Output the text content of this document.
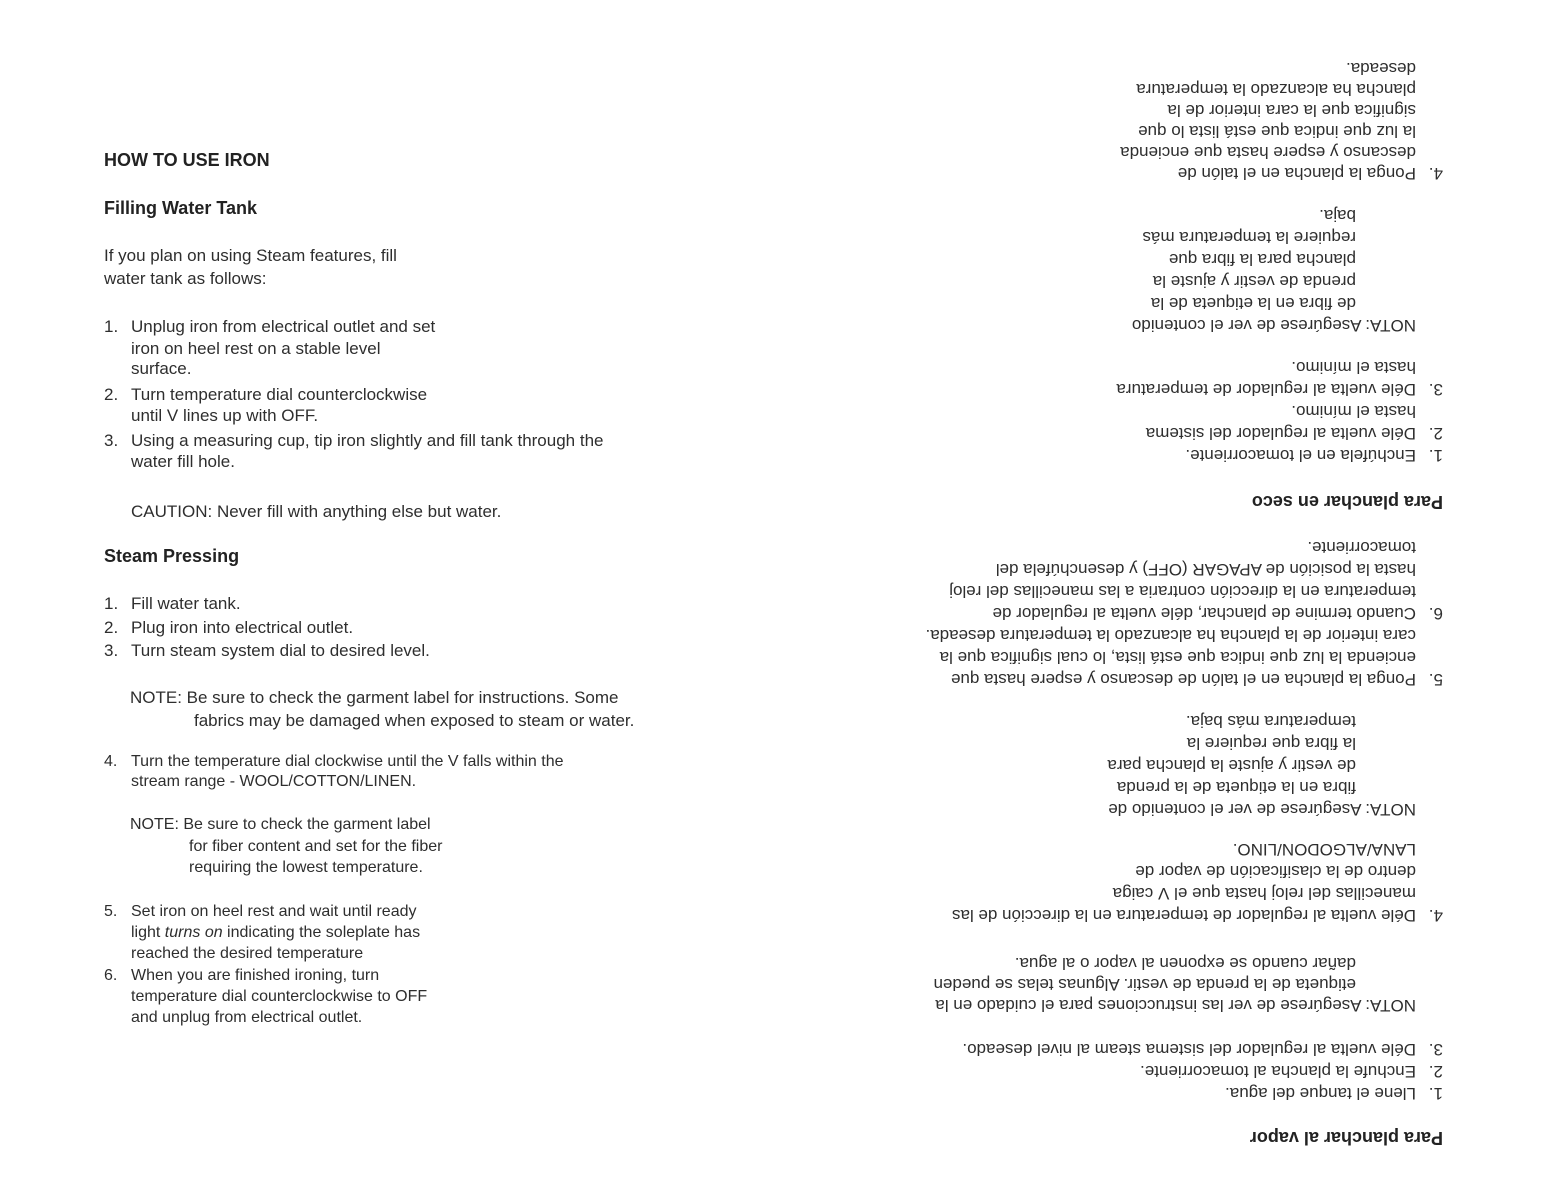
HOW TO USE IRON
Filling Water Tank
If you plan on using Steam features, fill
water tank as follows:
1. Unplug iron from electrical outlet and set
iron on heel rest on a stable level
surface.
2. Turn temperature dial counterclockwise
until V lines up with OFF.
3. Using a measuring cup, tip iron slightly and fill tank through the
water fill hole.
CAUTION: Never fill with anything else but water.
Steam Pressing
1. Fill water tank.
2. Plug iron into electrical outlet.
3. Turn steam system dial to desired level.
NOTE: Be sure to check the garment label for instructions. Some
fabrics may be damaged when exposed to steam or water.
4. Turn the temperature dial clockwise until the V falls within the
stream range - WOOL/COTTON/LINEN.
NOTE: Be sure to check the garment label
for fiber content and set for the fiber
requiring the lowest temperature.
5. Set iron on heel rest and wait until ready
light turns on indicating the soleplate has
reached the desired temperature
6. When you are finished ironing, turn
temperature dial counterclockwise to OFF
and unplug from electrical outlet.
Para planchar al vapor
1.
Llene el tanque del agua.
2.
Enchufe la plancha al tomacorriente.
3.
Déle vuelta al regulador del sistema steam al nivel deseado.
NOTA: Asegúrese de ver las instrucciones para el cuidado en la
etiqueta de la prenda de vestir. Algunas telas se pueden
dañar cuando se exponen al vapor o al agua.
4.
Déle vuelta al regulador de temperatura en la dirección de las
manecillas del reloj hasta que el V caiga
dentro de la clasificación de vapor de
LANA/ALGODON/LINO.
NOTA: Asegúrese de ver el contenido de
fibra en la etiqueta de la prenda
de vestir y ajuste la plancha para
la fibra que requiere la
temperatura más baja.
5.
Ponga la plancha en el talón de descanso y espere hasta que
encienda la luz que indica que está lista, lo cual significa que la
cara interior de la plancha ha alcanzado la temperatura deseada.
6.
Cuando termine de planchar, déle vuelta al regulador de
temperatura en la dirección contraria a las manecillas del reloj
hasta la posición de APAGAR (OFF) y desenchúfela del
tomacorriente.
Para planchar en seco
1.
Enchúfela en el tomacorriente.
2.
Déle vuelta al regulador del sistema
hasta el mínimo.
3.
Déle vuelta al regulador de temperatura
hasta el mínimo.
NOTA: Asegúrese de ver el contenido
de fibra en la etiqueta de la
prenda de vestir y ajuste la
plancha para la fibra que
requiere la temperatura más
baja.
4.
Ponga la plancha en el talón de
descanso y espere hasta que encienda
la luz que indica que está lista lo que
significa que la cara interior de la
plancha ha alcanzado la temperatura
deseada.
